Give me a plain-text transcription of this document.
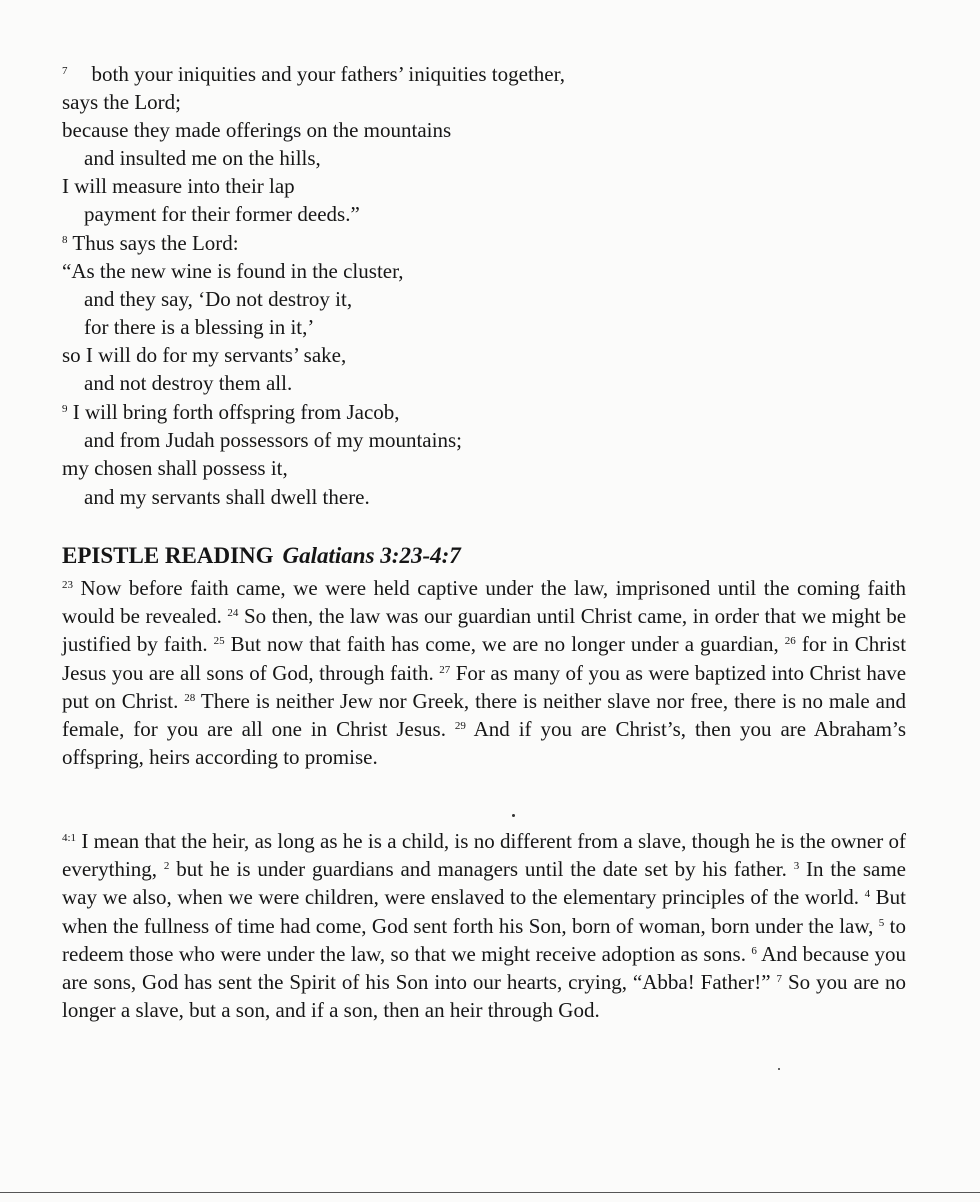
$^7$ both your iniquities and your fathers’ iniquities together,

says the Lord;

because they made offerings on the mountains

and insulted me on the hills,

I will measure into their lap

payment for their former deeds.”

$^8$ Thus says the Lord:

“As the new wine is found in the cluster,

and they say, ‘Do not destroy it,

for there is a blessing in it,’

so I will do for my servants’ sake,

and not destroy them all.

$^9$ I will bring forth offspring from Jacob,

and from Judah possessors of my mountains;

my chosen shall possess it,

and my servants shall dwell there.

EPISTLE READING Galatians 3:23-4:7

$^{23}$ Now before faith came, we were held captive under the law, imprisoned until the coming faith would be revealed. $^{24}$ So then, the law was our guardian until Christ came, in order that we might be justified by faith. $^{25}$ But now that faith has come, we are no longer under a guardian, $^{26}$ for in Christ Jesus you are all sons of God, through faith. $^{27}$ For as many of you as were baptized into Christ have put on Christ. $^{28}$ There is neither Jew nor Greek, there is neither slave nor free, there is no male and female, for you are all one in Christ Jesus. $^{29}$ And if you are Christ’s, then you are Abraham’s offspring, heirs according to promise.

$^{4:1}$ I mean that the heir, as long as he is a child, is no different from a slave, though he is the owner of everything, $^2$ but he is under guardians and managers until the date set by his father. $^3$ In the same way we also, when we were children, were enslaved to the elementary principles of the world. $^4$ But when the fullness of time had come, God sent forth his Son, born of woman, born under the law, $^5$ to redeem those who were under the law, so that we might receive adoption as sons. $^6$ And because you are sons, God has sent the Spirit of his Son into our hearts, crying, “Abba! Father!” $^7$ So you are no longer a slave, but a son, and if a son, then an heir through God.
